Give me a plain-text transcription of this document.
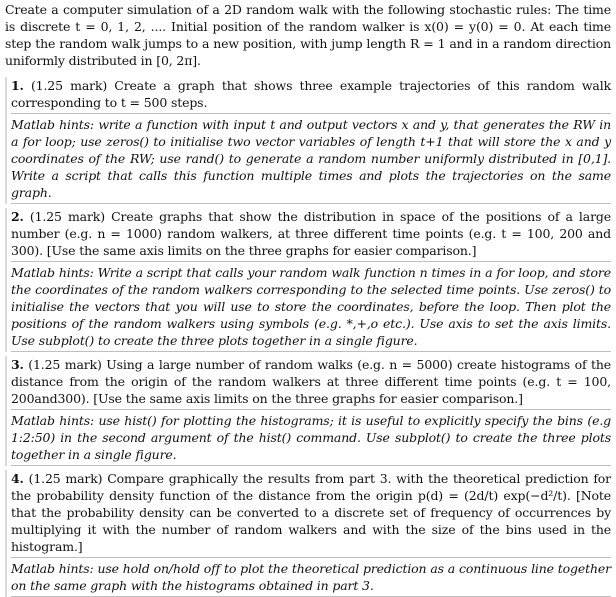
Create a computer simulation of a 2D random walk with the following stochastic rules: The time is discrete t = 0, 1, 2, .... Initial position of the random walker is x(0) = y(0) = 0. At each time step the random walk jumps to a new position, with jump length R = 1 and in a random direction uniformly distributed in [0, 2π].

1. (1.25 mark) Create a graph that shows three example trajectories of this random walk corresponding to t = 500 steps.

Matlab hints: write a function with input t and output vectors x and y, that generates the RW in a for loop; use zeros() to initialise two vector variables of length t+1 that will store the x and y coordinates of the RW; use rand() to generate a random number uniformly distributed in [0,1]. Write a script that calls this function multiple times and plots the trajectories on the same graph.

2. (1.25 mark) Create graphs that show the distribution in space of the positions of a large number (e.g. n = 1000) random walkers, at three different time points (e.g. t = 100, 200 and 300). [Use the same axis limits on the three graphs for easier comparison.]

Matlab hints: Write a script that calls your random walk function n times in a for loop, and store the coordinates of the random walkers corresponding to the selected time points. Use zeros() to initialise the vectors that you will use to store the coordinates, before the loop. Then plot the positions of the random walkers using symbols (e.g. *,+,o etc.). Use axis to set the axis limits. Use subplot() to create the three plots together in a single figure.

3. (1.25 mark) Using a large number of random walks (e.g. n = 5000) create histograms of the distance from the origin of the random walkers at three different time points (e.g. t = 100, 200and300). [Use the same axis limits on the three graphs for easier comparison.]

Matlab hints: use hist() for plotting the histograms; it is useful to explicitly specify the bins (e.g 1:2:50) in the second argument of the hist() command. Use subplot() to create the three plots together in a single figure.

4. (1.25 mark) Compare graphically the results from part 3. with the theoretical prediction for the probability density function of the distance from the origin p(d) = (2d/t) exp(−d²/t). [Note that the probability density can be converted to a discrete set of frequency of occurrences by multiplying it with the number of random walkers and with the size of the bins used in the histogram.]

Matlab hints: use hold on/hold off to plot the theoretical prediction as a continuous line together on the same graph with the histograms obtained in part 3.
